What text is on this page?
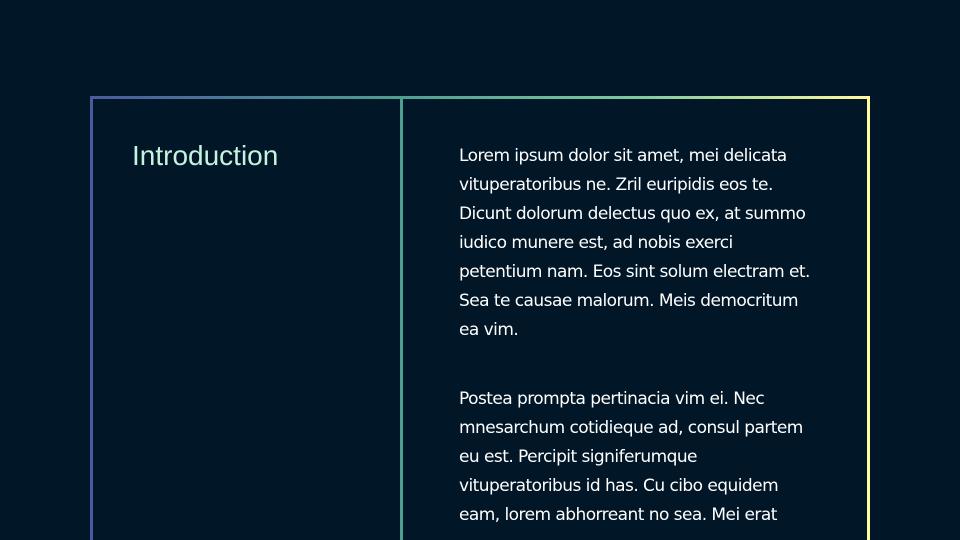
Introduction	Lorem ipsum dolor sit amet, mei delicata vituperatoribus ne. Zril euripidis eos te. Dicunt dolorum delectus quo ex, at summo iudico munere est, ad nobis exerci petentium nam. Eos sint solum electram et. Sea te causae malorum. Meis democritum ea vim.

Postea prompta pertinacia vim ei. Nec mnesarchum cotidieque ad, consul partem eu est. Percipit signiferumque vituperatoribus id has. Cu cibo equidem eam, lorem abhorreant no sea. Mei erat
